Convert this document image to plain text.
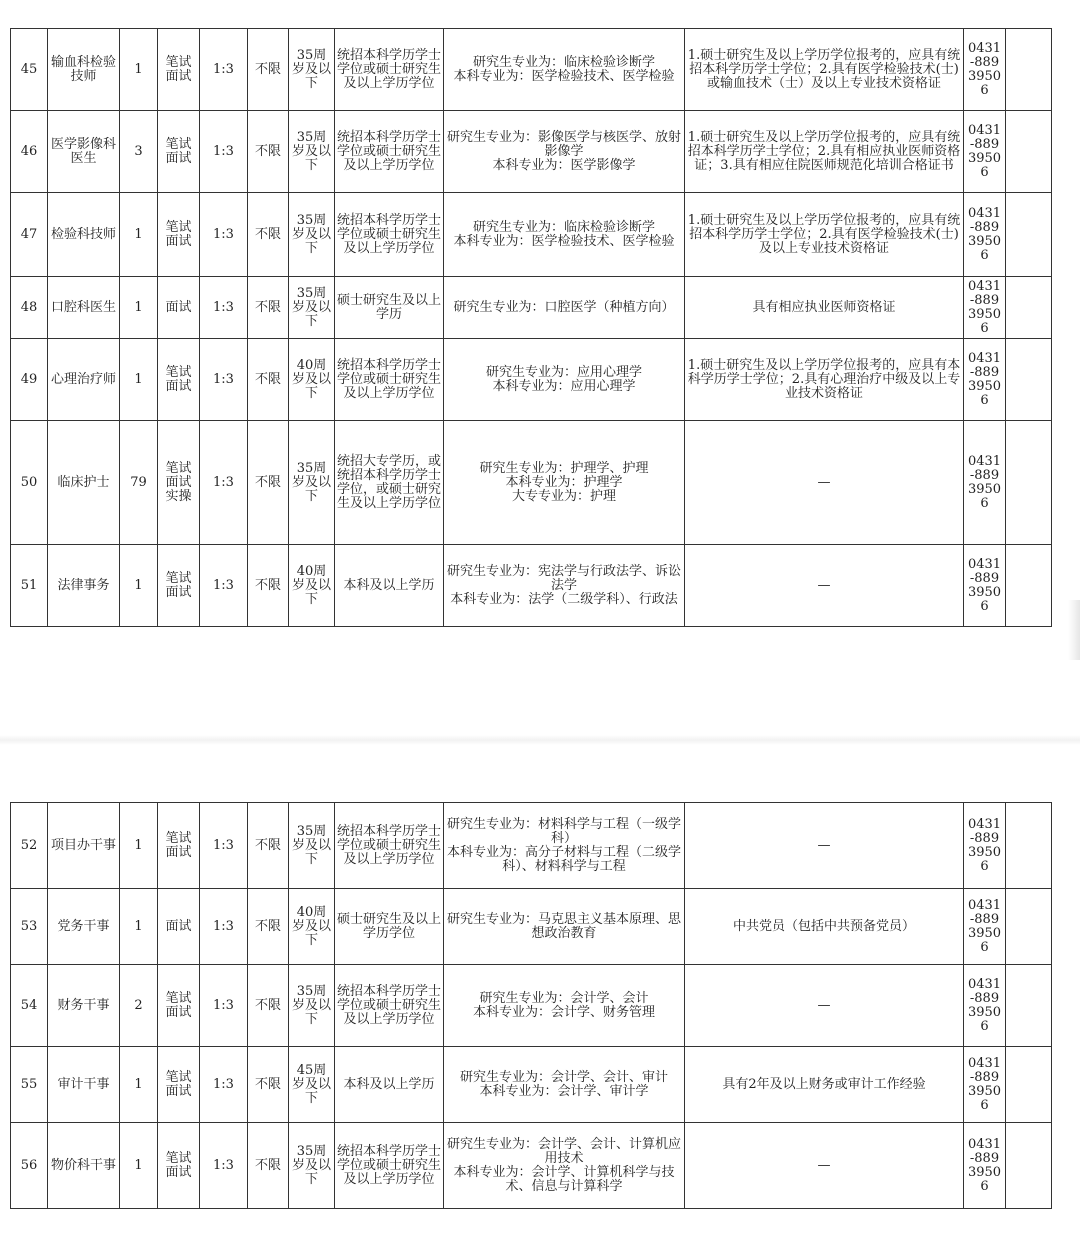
45	输血科检验技师	1	笔试面试	1:3	不限	35周岁及以下	统招本科学历学士学位或硕士研究生及以上学历学位	研究生专业为：临床检验诊断学
本科专业为：医学检验技术、医学检验	1.硕士研究生及以上学历学位报考的，应具有统招本科学历学士学位；2.具有医学检验技术(士)或输血技术（士）及以上专业技术资格证	0431-88939506	
46	医学影像科医生	3	笔试面试	1:3	不限	35周岁及以下	统招本科学历学士学位或硕士研究生及以上学历学位	研究生专业为：影像医学与核医学、放射影像学
本科专业为：医学影像学	1.硕士研究生及以上学历学位报考的，应具有统招本科学历学士学位；2.具有相应执业医师资格证；3.具有相应住院医师规范化培训合格证书	0431-88939506	
47	检验科技师	1	笔试面试	1:3	不限	35周岁及以下	统招本科学历学士学位或硕士研究生及以上学历学位	研究生专业为：临床检验诊断学
本科专业为：医学检验技术、医学检验	1.硕士研究生及以上学历学位报考的，应具有统招本科学历学士学位；2.具有医学检验技术(士)及以上专业技术资格证	0431-88939506	
48	口腔科医生	1	面试	1:3	不限	35周岁及以下	硕士研究生及以上学历	研究生专业为：口腔医学（种植方向）	具有相应执业医师资格证	0431-88939506	
49	心理治疗师	1	笔试面试	1:3	不限	40周岁及以下	统招本科学历学士学位或硕士研究生及以上学历学位	研究生专业为：应用心理学
本科专业为：应用心理学	1.硕士研究生及以上学历学位报考的，应具有本科学历学士学位；2.具有心理治疗中级及以上专业技术资格证	0431-88939506	
50	临床护士	79	笔试面试实操	1:3	不限	35周岁及以下	统招大专学历，或统招本科学历学士学位，或硕士研究生及以上学历学位	研究生专业为：护理学、护理
本科专业为：护理学
大专专业为：护理	—	0431-88939506	
51	法律事务	1	笔试面试	1:3	不限	40周岁及以下	本科及以上学历	研究生专业为：宪法学与行政法学、诉讼法学
本科专业为：法学（二级学科）、行政法	—	0431-88939506	
52	项目办干事	1	笔试面试	1:3	不限	35周岁及以下	统招本科学历学士学位或硕士研究生及以上学历学位	研究生专业为：材料科学与工程（一级学科）
本科专业为：高分子材料与工程（二级学科）、材料科学与工程	—	0431-88939506	
53	党务干事	1	面试	1:3	不限	40周岁及以下	硕士研究生及以上学历学位	研究生专业为：马克思主义基本原理、思想政治教育	中共党员（包括中共预备党员）	0431-88939506	
54	财务干事	2	笔试面试	1:3	不限	35周岁及以下	统招本科学历学士学位或硕士研究生及以上学历学位	研究生专业为：会计学、会计
本科专业为：会计学、财务管理	—	0431-88939506	
55	审计干事	1	笔试面试	1:3	不限	45周岁及以下	本科及以上学历	研究生专业为：会计学、会计、审计
本科专业为：会计学、审计学	具有2年及以上财务或审计工作经验	0431-88939506	
56	物价科干事	1	笔试面试	1:3	不限	35周岁及以下	统招本科学历学士学位或硕士研究生及以上学历学位	研究生专业为：会计学、会计、计算机应用技术
本科专业为：会计学、计算机科学与技术、信息与计算科学	—	0431-88939506	
